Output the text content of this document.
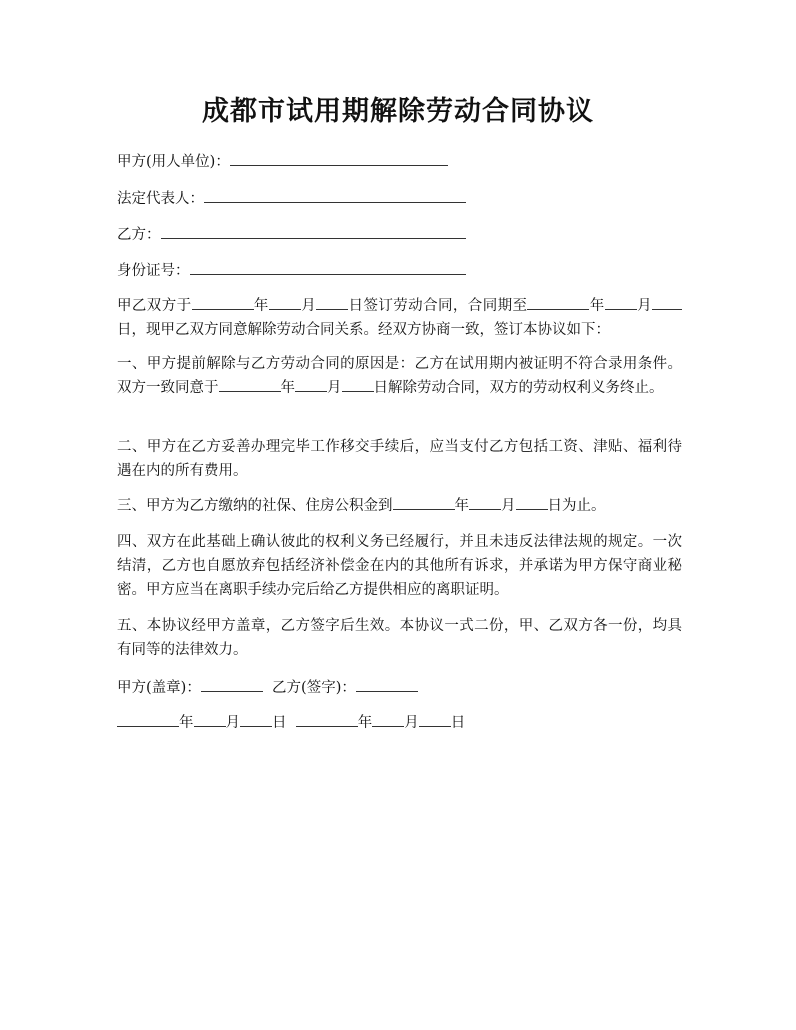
成都市试用期解除劳动合同协议
甲方(用人单位)：
法定代表人：
乙方：
身份证号：
甲乙双方于	年 月 日签订劳动合同，合同期至	年 月日，现甲乙双方同意解除劳动合同关系。经双方协商一致，签订本协议如下：
一、甲方提前解除与乙方劳动合同的原因是：乙方在试用期内被证明不符合录用条件。双方一致同意于	年 月 日解除劳动合同，双方的劳动权利义务终止。
二、甲方在乙方妥善办理完毕工作移交手续后，应当支付乙方包括工资、津贴、福利待遇在内的所有费用。
三、甲方为乙方缴纳的社保、住房公积金到	年 月 日为止。
四、双方在此基础上确认彼此的权利义务已经履行，并且未违反法律法规的规定。一次结清，乙方也自愿放弃包括经济补偿金在内的其他所有诉求，并承诺为甲方保守商业秘密。甲方应当在离职手续办完后给乙方提供相应的离职证明。
五、本协议经甲方盖章，乙方签字后生效。本协议一式二份，甲、乙双方各一份，均具有同等的法律效力。
甲方(盖章)：	乙方(签字)：
年 月 日	年 月 日
